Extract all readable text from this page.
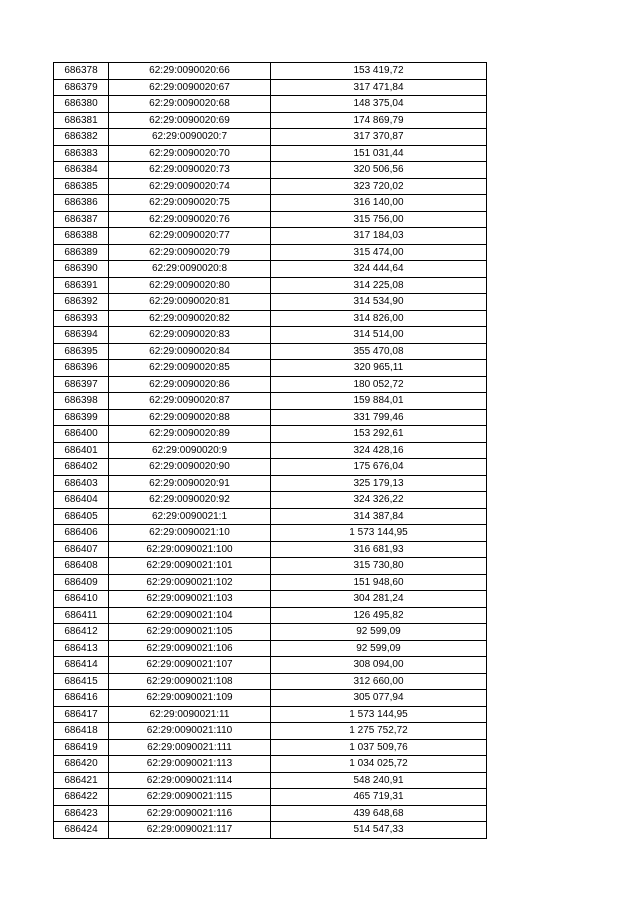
686378	62:29:0090020:66	153 419,72
686379	62:29:0090020:67	317 471,84
686380	62:29:0090020:68	148 375,04
686381	62:29:0090020:69	174 869,79
686382	62:29:0090020:7	317 370,87
686383	62:29:0090020:70	151 031,44
686384	62:29:0090020:73	320 506,56
686385	62:29:0090020:74	323 720,02
686386	62:29:0090020:75	316 140,00
686387	62:29:0090020:76	315 756,00
686388	62:29:0090020:77	317 184,03
686389	62:29:0090020:79	315 474,00
686390	62:29:0090020:8	324 444,64
686391	62:29:0090020:80	314 225,08
686392	62:29:0090020:81	314 534,90
686393	62:29:0090020:82	314 826,00
686394	62:29:0090020:83	314 514,00
686395	62:29:0090020:84	355 470,08
686396	62:29:0090020:85	320 965,11
686397	62:29:0090020:86	180 052,72
686398	62:29:0090020:87	159 884,01
686399	62:29:0090020:88	331 799,46
686400	62:29:0090020:89	153 292,61
686401	62:29:0090020:9	324 428,16
686402	62:29:0090020:90	175 676,04
686403	62:29:0090020:91	325 179,13
686404	62:29:0090020:92	324 326,22
686405	62:29:0090021:1	314 387,84
686406	62:29:0090021:10	1 573 144,95
686407	62:29:0090021:100	316 681,93
686408	62:29:0090021:101	315 730,80
686409	62:29:0090021:102	151 948,60
686410	62:29:0090021:103	304 281,24
686411	62:29:0090021:104	126 495,82
686412	62:29:0090021:105	92 599,09
686413	62:29:0090021:106	92 599,09
686414	62:29:0090021:107	308 094,00
686415	62:29:0090021:108	312 660,00
686416	62:29:0090021:109	305 077,94
686417	62:29:0090021:11	1 573 144,95
686418	62:29:0090021:110	1 275 752,72
686419	62:29:0090021:111	1 037 509,76
686420	62:29:0090021:113	1 034 025,72
686421	62:29:0090021:114	548 240,91
686422	62:29:0090021:115	465 719,31
686423	62:29:0090021:116	439 648,68
686424	62:29:0090021:117	514 547,33
